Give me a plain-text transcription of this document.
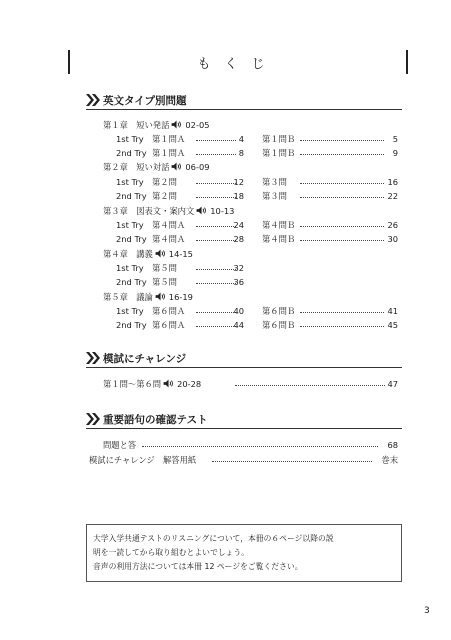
もくじ
英文タイプ別問題
第１章　短い発話 02-05
1st Try 第１問Ａ	4 第１問Ｂ	5
2nd Try 第１問Ａ	8 第１問Ｂ	9
第２章　短い対話 06-09
1st Try 第２問	12 第３問	16
2nd Try 第２問	18 第３問	22
第３章　図表文・案内文 10-13
1st Try 第４問Ａ	24 第４問Ｂ	26
2nd Try 第４問Ａ	28 第４問Ｂ	30
第４章　講義 14-15
1st Try 第５問	32
2nd Try 第５問	36
第５章　議論 16-19
1st Try 第６問Ａ	40 第６問Ｂ	41
2nd Try 第６問Ａ	44 第６問Ｂ	45
模試にチャレンジ
第１問～第６問 20-28	47
重要語句の確認テスト
問題と答	68
模試にチャレンジ　解答用紙	巻末
大学入学共通テストのリスニングについて，本冊の６ページ以降の説
明を一読してから取り組むとよいでしょう。
音声の利用方法については本冊 12 ページをご覧ください。
3
